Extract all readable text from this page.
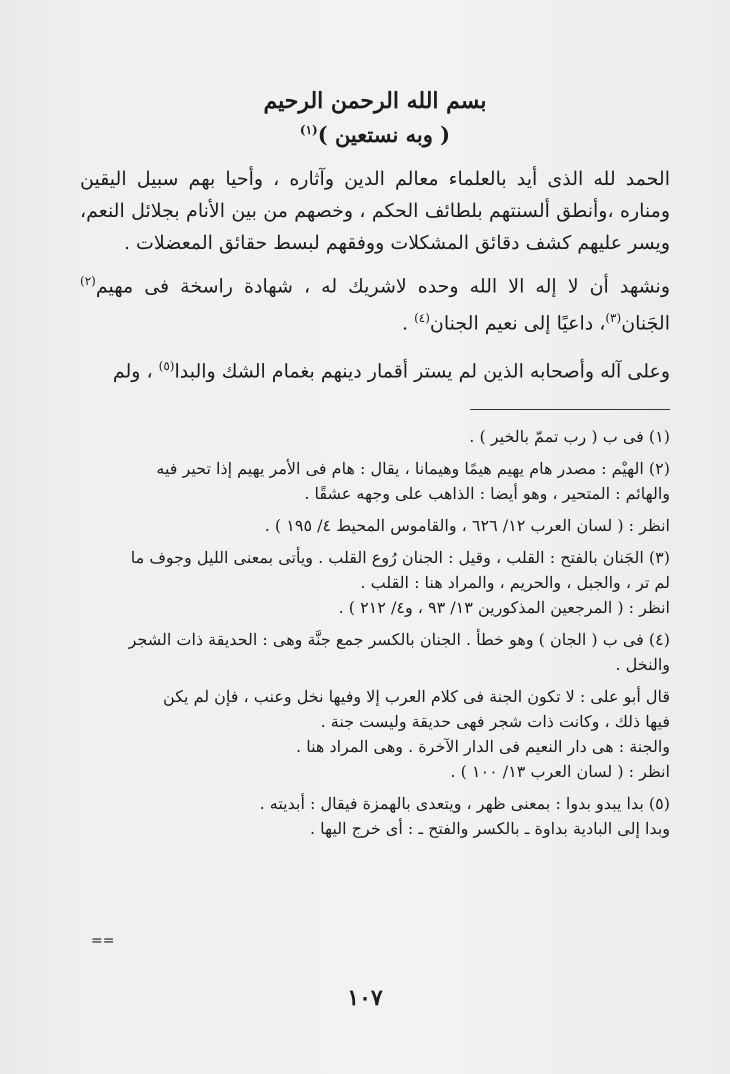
بسم الله الرحمن الرحيم
( وبه نستعين )$^{(١)}$

الحمد لله الذى أيد بالعلماء معالم الدين وآثاره ، وأحيا بهم سبيل اليقين ومناره ،وأنطق ألسنتهم بلطائف الحكم ، وخصهم من بين الأنام بجلائل النعم، ويسر عليهم كشف دقائق المشكلات ووفقهم لبسط حقائق المعضلات .

ونشهد أن لا إله الا الله وحده لاشريك له ، شهادة راسخة فى مهيم$^{(٢)}$ الجَنان$^{(٣)}$، داعيًا إلى نعيم الجنان$^{(٤)}$ .

وعلى آله وأصحابه الذين لم يستر أقمار دينهم بغمام الشك والبدا$^{(٥)}$ ، ولم

(١) فى ب ( رب تممّ بالخير ) .
(٢) الهيْم : مصدر هام يهيم هيمًا وهيمانا ، يقال : هام فى الأمر يهيم إذا تحير فيه
والهائم : المتحير ، وهو أيضا : الذاهب على وجهه عشقًا .
انظر : ( لسان العرب ١٢/ ٦٢٦ ، والقاموس المحيط ٤/ ١٩٥ ) .
(٣) الجَنان بالفتح : القلب ، وقيل : الجنان رُوع القلب . ويأتى بمعنى الليل وجوف ما
لم تر ، والجبل ، والحريم ، والمراد هنا : القلب .
انظر : ( المرجعين المذكورين ١٣/ ٩٣ ، و٤/ ٢١٢ ) .
(٤) فى ب ( الجان ) وهو خطأ . الجنان بالكسر جمع جنَّة وهى : الحديقة ذات الشجر
والنخل .
قال أبو على : لا تكون الجنة فى كلام العرب إلا وفيها نخل وعنب ، فإن لم يكن
فيها ذلك ، وكانت ذات شجر فهى حديقة وليست جنة .
والجنة : هى دار النعيم فى الدار الآخرة . وهى المراد هنا .
انظر : ( لسان العرب ١٣/ ١٠٠ ) .
(٥) بدا يبدو بدوا : بمعنى ظهر ، ويتعدى بالهمزة فيقال : أبديته .
وبدا إلى البادية بداوة ـ بالكسر والفتح ـ : أى خرج اليها .
==
١٠٧
